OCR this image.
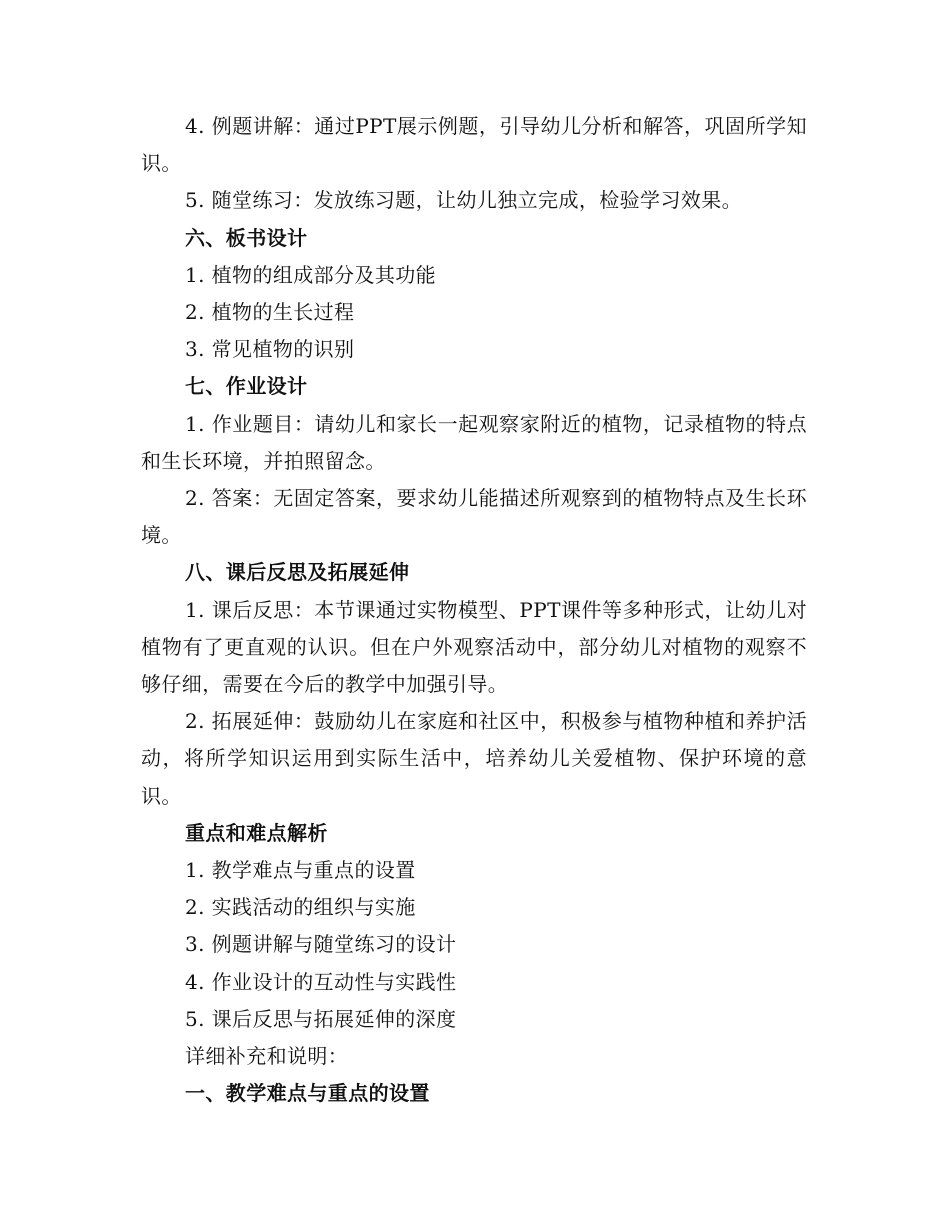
4. 例题讲解：通过PPT展示例题，引导幼儿分析和解答，巩固所学知识。

5. 随堂练习：发放练习题，让幼儿独立完成，检验学习效果。

六、板书设计

1. 植物的组成部分及其功能

2. 植物的生长过程

3. 常见植物的识别

七、作业设计

1. 作业题目：请幼儿和家长一起观察家附近的植物，记录植物的特点和生长环境，并拍照留念。

2. 答案：无固定答案，要求幼儿能描述所观察到的植物特点及生长环境。

八、课后反思及拓展延伸

1. 课后反思：本节课通过实物模型、PPT课件等多种形式，让幼儿对植物有了更直观的认识。但在户外观察活动中，部分幼儿对植物的观察不够仔细，需要在今后的教学中加强引导。

2. 拓展延伸：鼓励幼儿在家庭和社区中，积极参与植物种植和养护活动，将所学知识运用到实际生活中，培养幼儿关爱植物、保护环境的意识。

重点和难点解析

1. 教学难点与重点的设置

2. 实践活动的组织与实施

3. 例题讲解与随堂练习的设计

4. 作业设计的互动性与实践性

5. 课后反思与拓展延伸的深度

详细补充和说明：

一、教学难点与重点的设置
